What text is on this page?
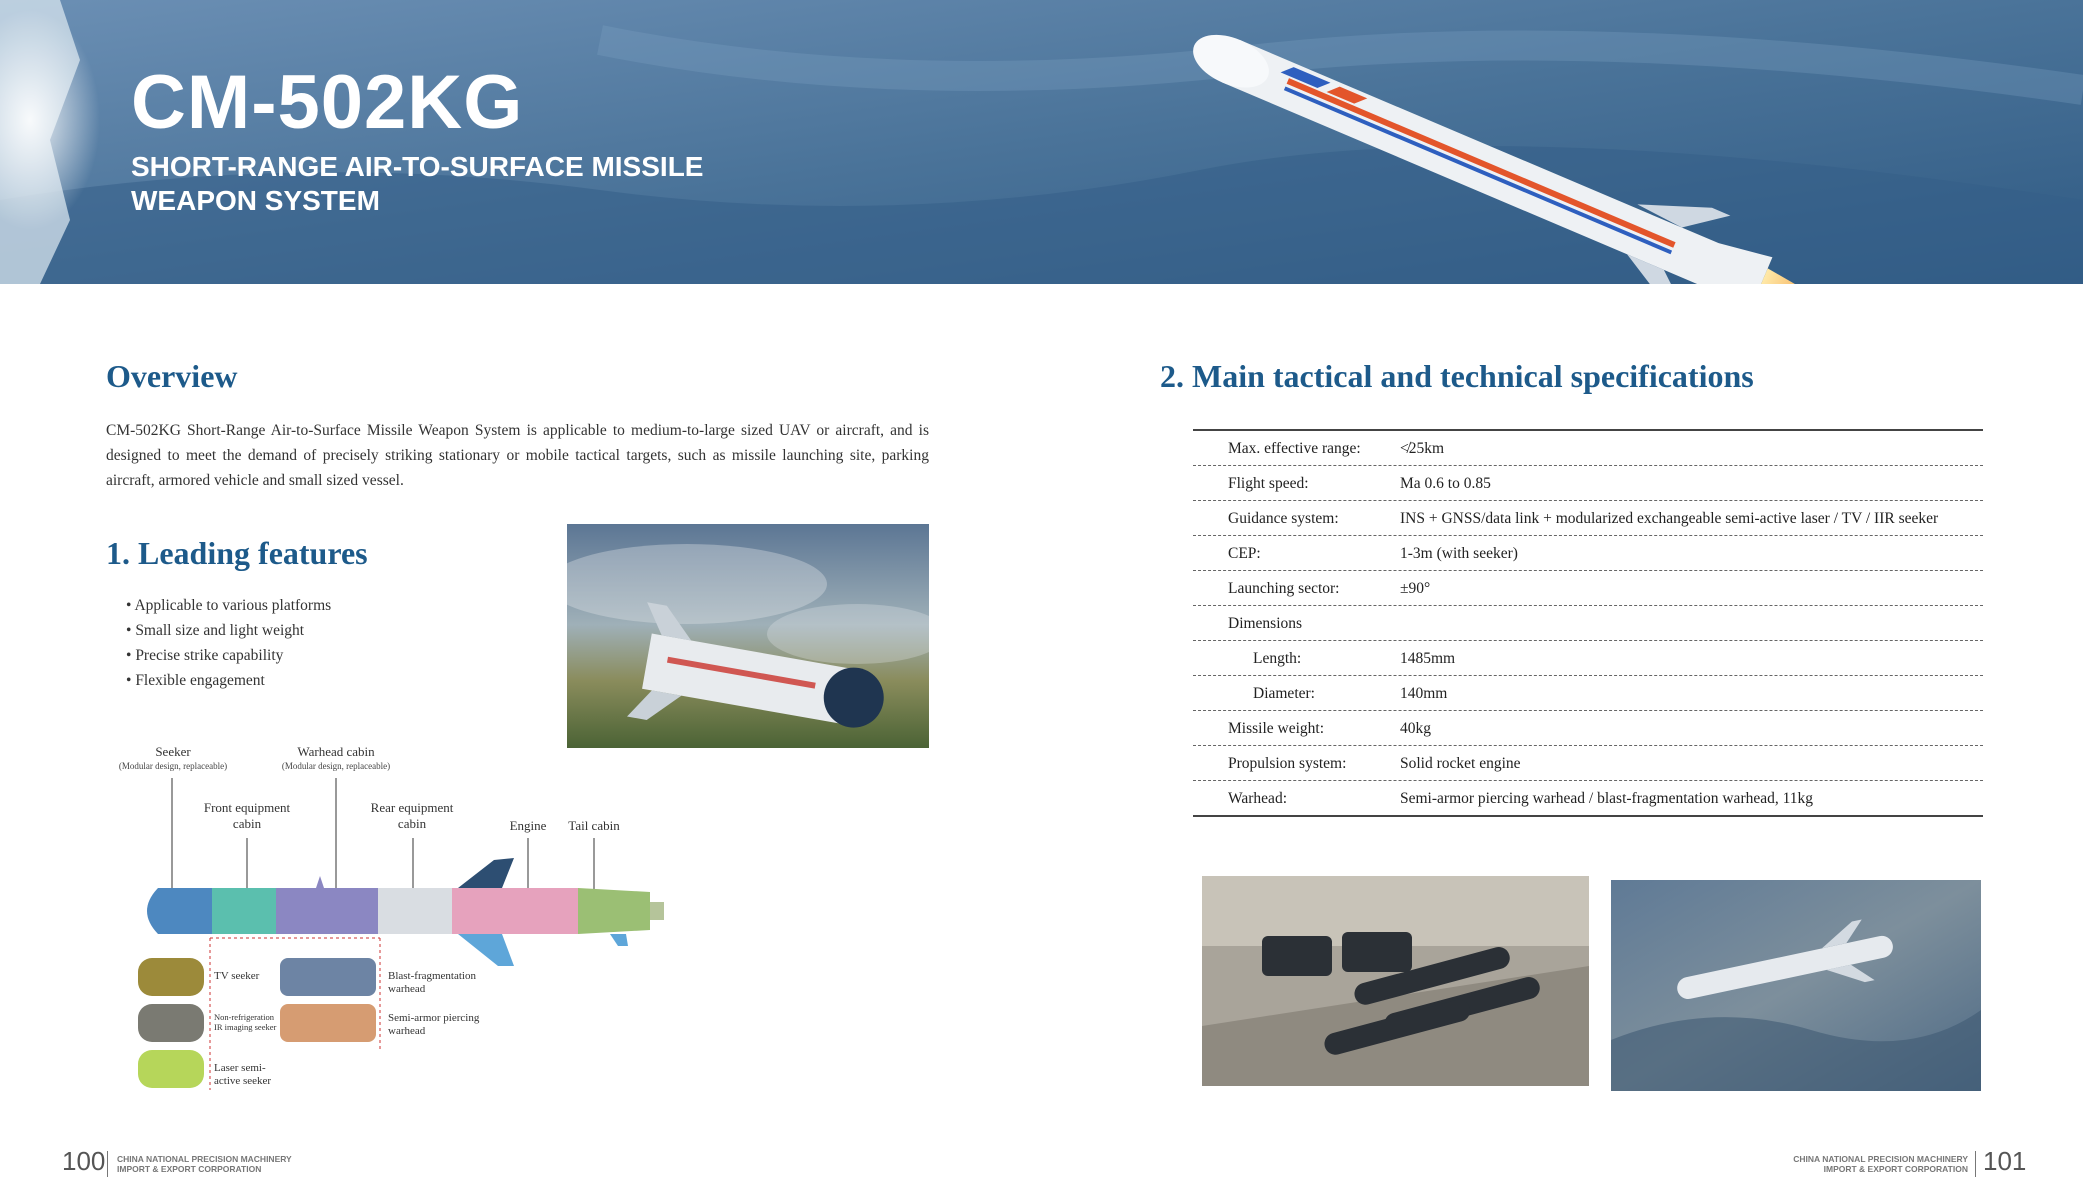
CM-502KG
SHORT-RANGE AIR-TO-SURFACE MISSILE
WEAPON SYSTEM
Overview

CM-502KG Short-Range Air-to-Surface Missile Weapon System is applicable to medium-to-large sized UAV or aircraft, and is designed to meet the demand of precisely striking stationary or mobile tactical targets, such as missile launching site, parking aircraft, armored vehicle and small sized vessel.

1. Leading features
• Applicable to various platforms
• Small size and light weight
• Precise strike capability
• Flexible engagement
Seeker
(Modular design, replaceable)
Warhead cabin
(Modular design, replaceable)
Front equipment
cabin
Rear equipment
cabin	Engine	Tail cabin
TV seeker
Non-refrigeration
IR imaging seeker
Laser semi-
active seeker
Blast-fragmentation
warhead
Semi-armor piercing
warhead
2. Main tactical and technical specifications
Max. effective range:	≮25km
Flight speed:	Ma 0.6 to 0.85
Guidance system:	INS + GNSS/data link + modularized exchangeable semi-active laser / TV / IIR seeker
CEP:	1-3m (with seeker)
Launching sector:	±90°
Dimensions
Length:	1485mm
Diameter:	140mm
Missile weight:	40kg
Propulsion system:	Solid rocket engine
Warhead:	Semi-armor piercing warhead / blast-fragmentation warhead, 11kg
100 CHINA NATIONAL PRECISION MACHINERY
IMPORT & EXPORT CORPORATION
CHINA NATIONAL PRECISION MACHINERY
IMPORT & EXPORT CORPORATION 101
